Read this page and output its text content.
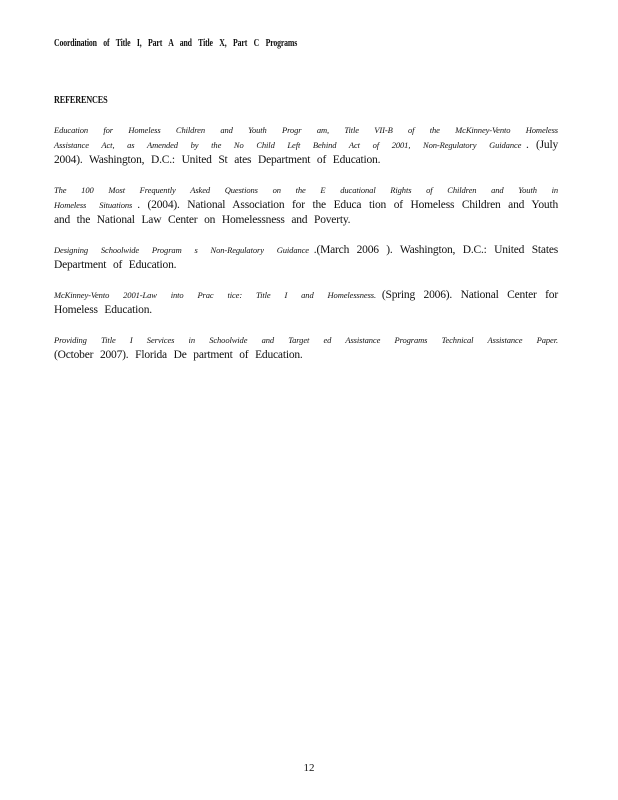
Coordination of Title I, Part A and Title X, Part C Programs
REFERENCES

Education for Homeless Children and Youth Progr am, Title VII-B of the McKinney-Vento Homeless Assistance Act, as Amended by the No Child Left Behind Act of 2001, Non-Regulatory Guidance . (July 2004). Washington, D.C.: United St ates Department of Education.

The 100 Most Frequently Asked Questions on the E ducational Rights of Children and Youth in Homeless Situations . (2004). National Association for the Educa tion of Homeless Children and Youth and the National Law Center on Homelessness and Poverty.

Designing Schoolwide Program s Non-Regulatory Guidance .(March 2006 ). Washington, D.C.: United States Department of Education.

McKinney-Vento 2001-Law into Prac tice: Title I and Homelessness. (Spring 2006). National Center for Homeless Education.

Providing Title I Services in Schoolwide and Target ed Assistance Programs Technical Assistance Paper. (October 2007). Florida De partment of Education.

12
